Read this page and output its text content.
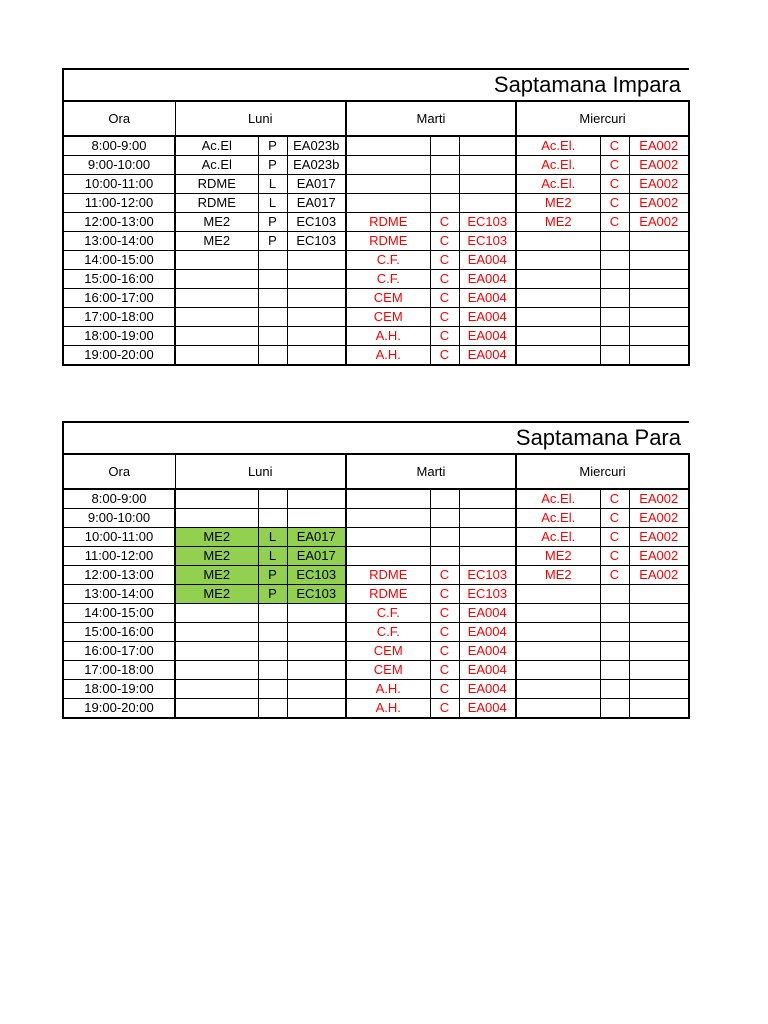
Saptamana Impara									
Ora	Luni			Marti			Miercuri		
8:00-9:00	Ac.El	P	EA023b				Ac.El.	C	EA002
9:00-10:00	Ac.El	P	EA023b				Ac.El.	C	EA002
10:00-11:00	RDME	L	EA017				Ac.El.	C	EA002
11:00-12:00	RDME	L	EA017				ME2	C	EA002
12:00-13:00	ME2	P	EC103	RDME	C	EC103	ME2	C	EA002
13:00-14:00	ME2	P	EC103	RDME	C	EC103			
14:00-15:00				C.F.	C	EA004			
15:00-16:00				C.F.	C	EA004			
16:00-17:00				CEM	C	EA004			
17:00-18:00				CEM	C	EA004			
18:00-19:00				A.H.	C	EA004			
19:00-20:00				A.H.	C	EA004			
Saptamana Para									
Ora	Luni			Marti			Miercuri		
8:00-9:00							Ac.El.	C	EA002
9:00-10:00							Ac.El.	C	EA002
10:00-11:00	ME2	L	EA017				Ac.El.	C	EA002
11:00-12:00	ME2	L	EA017				ME2	C	EA002
12:00-13:00	ME2	P	EC103	RDME	C	EC103	ME2	C	EA002
13:00-14:00	ME2	P	EC103	RDME	C	EC103			
14:00-15:00				C.F.	C	EA004			
15:00-16:00				C.F.	C	EA004			
16:00-17:00				CEM	C	EA004			
17:00-18:00				CEM	C	EA004			
18:00-19:00				A.H.	C	EA004			
19:00-20:00				A.H.	C	EA004			
